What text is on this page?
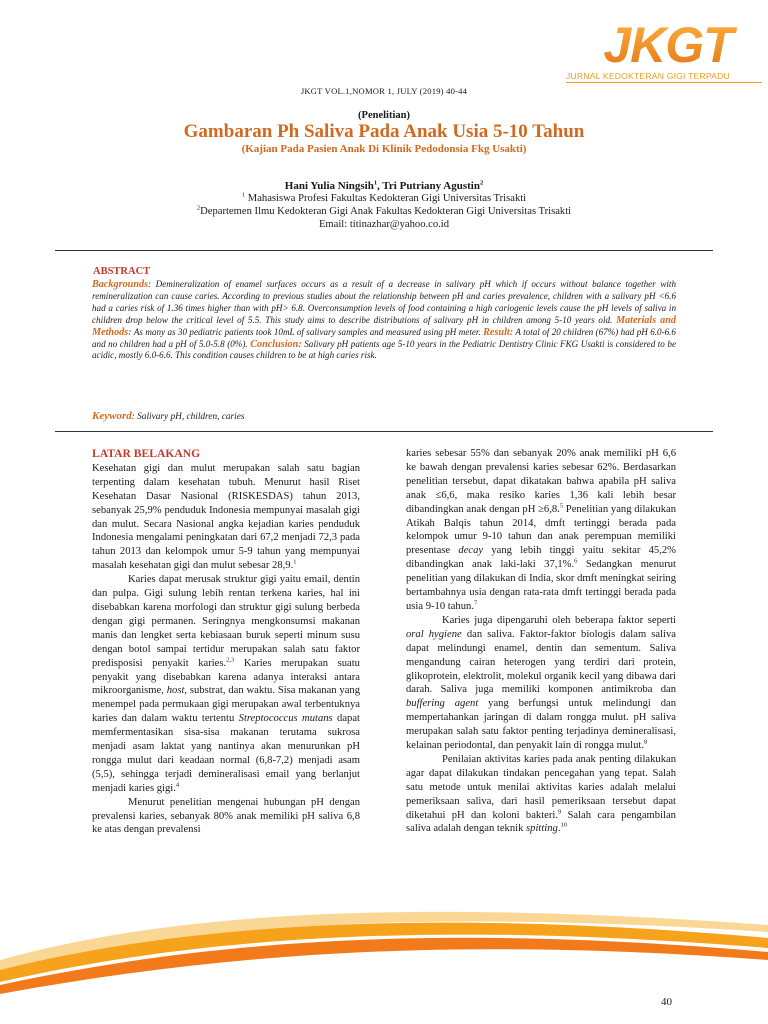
JKGT
JURNAL KEDOKTERAN GIGI TERPADU
JKGT VOL.1,NOMOR 1, JULY (2019) 40-44
(Penelitian)
Gambaran Ph Saliva Pada Anak Usia 5-10 Tahun
(Kajian Pada Pasien Anak Di Klinik Pedodonsia Fkg Usakti)
Hani Yulia Ningsih$^1$, Tri Putriany Agustin$^2$
$^1$ Mahasiswa Profesi Fakultas Kedokteran Gigi Universitas Trisakti
$^2$Departemen Ilmu Kedokteran Gigi Anak Fakultas Kedokteran Gigi Universitas Trisakti
Email: titinazhar@yahoo.co.id
ABSTRACT
Backgrounds: Demineralization of enamel surfaces occurs as a result of a decrease in salivary pH which if occurs without balance together with remineralization can cause caries. According to previous studies about the relationship between pH and caries prevalence, children with a salivary pH <6.6 had a caries risk of 1.36 times higher than with pH> 6.8. Overconsumption levels of food containing a high cariogenic levels cause the pH levels of saliva in children drop below the critical level of 5.5. This study aims to describe distributions of salivary pH in children among 5-10 years old. Materials and Methods: As many as 30 pediatric patients took 10mL of salivary samples and measured using pH meter. Result: A total of 20 children (67%) had pH 6.0-6.6 and no children had a pH of 5.0-5.8 (0%). Conclusion: Salivary pH patients age 5-10 years in the Pediatric Dentistry Clinic FKG Usakti is considered to be acidic, mostly 6.0-6.6. This condition causes children to be at high caries risk.
Keyword: Salivary pH, children, caries
LATAR BELAKANG

Kesehatan gigi dan mulut merupakan salah satu bagian terpenting dalam kesehatan tubuh. Menurut hasil Riset Kesehatan Dasar Nasional (RISKESDAS) tahun 2013, sebanyak 25,9% penduduk Indonesia mempunyai masalah gigi dan mulut. Secara Nasional angka kejadian karies penduduk Indonesia mengalami peningkatan dari 67,2 menjadi 72,3 pada tahun 2013 dan kelompok umur 5-9 tahun yang mempunyai masalah kesehatan gigi dan mulut sebesar 28,9.$^1$

Karies dapat merusak struktur gigi yaitu email, dentin dan pulpa. Gigi sulung lebih rentan terkena karies, hal ini disebabkan karena morfologi dan struktur gigi sulung berbeda dengan gigi permanen. Seringnya mengkonsumsi makanan manis dan lengket serta kebiasaan buruk seperti minum susu dengan botol sampai tertidur merupakan salah satu faktor predisposisi penyakit karies.$^{2,3}$ Karies merupakan suatu penyakit yang disebabkan karena adanya interaksi antara mikroorganisme, host, substrat, dan waktu. Sisa makanan yang menempel pada permukaan gigi merupakan awal terbentuknya karies dan dalam waktu tertentu Streptococcus mutans dapat memfermentasikan sisa-sisa makanan terutama sukrosa menjadi asam laktat yang nantinya akan menurunkan pH rongga mulut dari keadaan normal (6,8-7,2) menjadi asam (5,5), sehingga terjadi demineralisasi email yang berlanjut menjadi karies gigi.$^4$

Menurut penelitian mengenai hubungan pH dengan prevalensi karies, sebanyak 80% anak memiliki pH saliva 6,8 ke atas dengan prevalensi

karies sebesar 55% dan sebanyak 20% anak memiliki pH 6,6 ke bawah dengan prevalensi karies sebesar 62%. Berdasarkan penelitian tersebut, dapat dikatakan bahwa apabila pH saliva anak ≤6,6, maka resiko karies 1,36 kali lebih besar dibandingkan anak dengan pH ≥6,8.$^5$ Penelitian yang dilakukan Atikah Balqis tahun 2014, dmft tertinggi berada pada kelompok umur 9-10 tahun dan anak perempuan memiliki presentase decay yang lebih tinggi yaitu sekitar 45,2% dibandingkan anak laki-laki 37,1%.$^6$ Sedangkan menurut penelitian yang dilakukan di India, skor dmft meningkat seiring bertambahnya usia dengan rata-rata dmft tertinggi berada pada usia 9-10 tahun.$^7$

Karies juga dipengaruhi oleh beberapa faktor seperti oral hygiene dan saliva. Faktor-faktor biologis dalam saliva dapat melindungi enamel, dentin dan sementum. Saliva mengandung cairan heterogen yang terdiri dari protein, glikoprotein, elektrolit, molekul organik kecil yang dibawa dari darah. Saliva juga memiliki komponen antimikroba dan buffering agent yang berfungsi untuk melindungi dan mempertahankan jaringan di dalam rongga mulut. pH saliva merupakan salah satu faktor penting terjadinya demineralisasi, kelainan periodontal, dan penyakit lain di rongga mulut.$^8$

Penilaian aktivitas karies pada anak penting dilakukan agar dapat dilakukan tindakan pencegahan yang tepat. Salah satu metode untuk menilai aktivitas karies adalah melalui pemeriksaan saliva, dari hasil pemeriksaan tersebut dapat diketahui pH dan koloni bakteri.$^9$ Salah cara pengambilan saliva adalah dengan teknik spitting.$^{10}$

40
